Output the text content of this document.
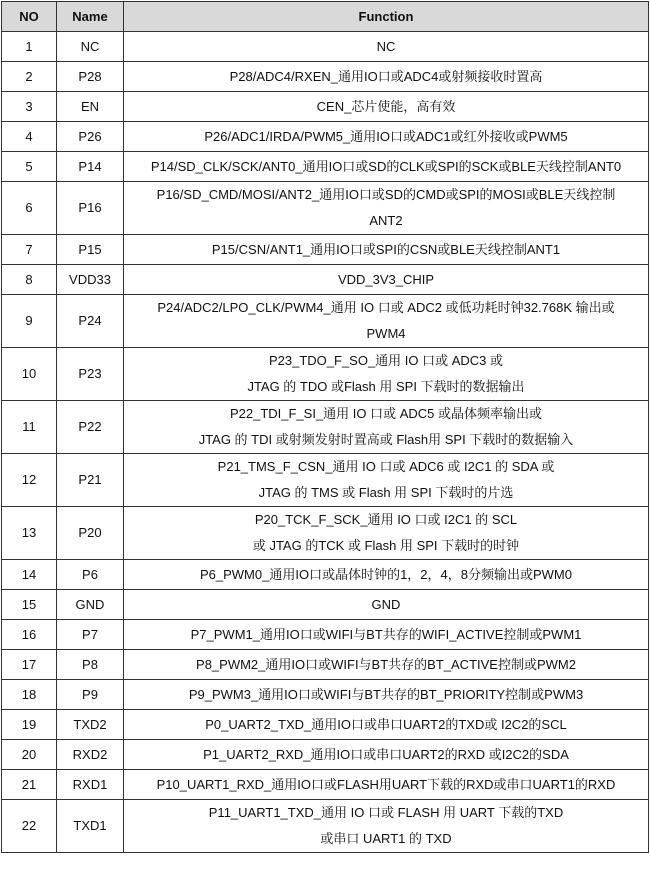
NO	Name	Function
1	NC	NC

2	P28	P28/ADC4/RXEN_通用IO口或ADC4或射频接收时置高

3	EN	CEN_芯片使能，高有效

4	P26	P26/ADC1/IRDA/PWM5_通用IO口或ADC1或红外接收或PWM5

5	P14	P14/SD_CLK/SCK/ANT0_通用IO口或SD的CLK或SPI的SCK或BLE天线控制ANT0

6	P16	P16/SD_CMD/MOSI/ANT2_通用IO口或SD的CMD或SPI的MOSI或BLE天线控制
ANT2

7	P15	P15/CSN/ANT1_通用IO口或SPI的CSN或BLE天线控制ANT1

8	VDD33	VDD_3V3_CHIP

9	P24	P24/ADC2/LPO_CLK/PWM4_通用 IO 口或 ADC2 或低功耗时钟32.768K 输出或
PWM4

10	P23	P23_TDO_F_SO_通用 IO 口或 ADC3 或
JTAG 的 TDO 或Flash 用 SPI 下载时的数据输出

11	P22	P22_TDI_F_SI_通用 IO 口或 ADC5 或晶体频率输出或
JTAG 的 TDI 或射频发射时置高或 Flash用 SPI 下载时的数据输入

12	P21	P21_TMS_F_CSN_通用 IO 口或 ADC6 或 I2C1 的 SDA 或
JTAG 的 TMS 或 Flash 用 SPI 下载时的片选

13	P20	P20_TCK_F_SCK_通用 IO 口或 I2C1 的 SCL
或 JTAG 的TCK 或 Flash 用 SPI 下载时的时钟

14	P6	P6_PWM0_通用IO口或晶体时钟的1，2，4，8分频输出或PWM0

15	GND	GND

16	P7	P7_PWM1_通用IO口或WIFI与BT共存的WIFI_ACTIVE控制或PWM1

17	P8	P8_PWM2_通用IO口或WIFI与BT共存的BT_ACTIVE控制或PWM2

18	P9	P9_PWM3_通用IO口或WIFI与BT共存的BT_PRIORITY控制或PWM3

19	TXD2	P0_UART2_TXD_通用IO口或串口UART2的TXD或 I2C2的SCL

20	RXD2	P1_UART2_RXD_通用IO口或串口UART2的RXD 或I2C2的SDA

21	RXD1	P10_UART1_RXD_通用IO口或FLASH用UART下载的RXD或串口UART1的RXD

22	TXD1	P11_UART1_TXD_通用 IO 口或 FLASH 用 UART 下载的TXD
或串口 UART1 的 TXD
